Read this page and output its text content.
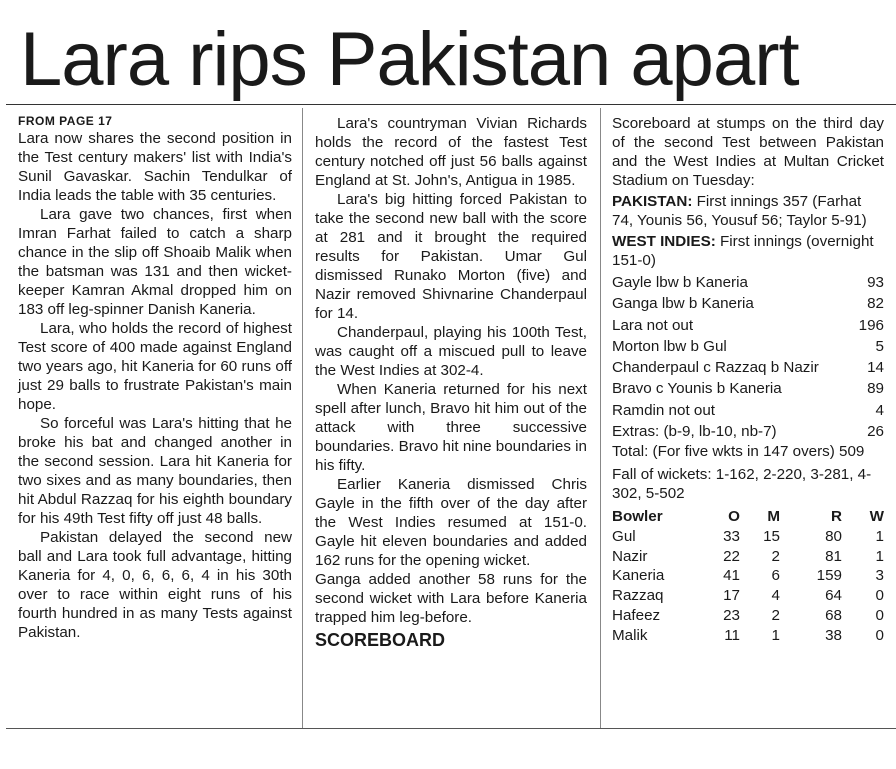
Lara rips Pakistan apart
FROM PAGE 17

Lara now shares the second position in the Test century makers' list with India's Sunil Gavaskar. Sachin Tendulkar of India leads the table with 35 centuries.

Lara gave two chances, first when Imran Farhat failed to catch a sharp chance in the slip off Shoaib Malik when the batsman was 131 and then wicket-keeper Kamran Akmal dropped him on 183 off leg-spinner Danish Kaneria.

Lara, who holds the record of highest Test score of 400 made against England two years ago, hit Kaneria for 60 runs off just 29 balls to frustrate Pakistan's main hope.

So forceful was Lara's hitting that he broke his bat and changed another in the second session. Lara hit Kaneria for two sixes and as many boundaries, then hit Abdul Razzaq for his eighth boundary for his 49th Test fifty off just 48 balls.

Pakistan delayed the second new ball and Lara took full advantage, hitting Kaneria for 4, 0, 6, 6, 6, 4 in his 30th over to race within eight runs of his fourth hundred in as many Tests against Pakistan.

Lara's countryman Vivian Richards holds the record of the fastest Test century notched off just 56 balls against England at St. John's, Antigua in 1985.

Lara's big hitting forced Pakistan to take the second new ball with the score at 281 and it brought the required results for Pakistan. Umar Gul dismissed Runako Morton (five) and Nazir removed Shivnarine Chanderpaul for 14.

Chanderpaul, playing his 100th Test, was caught off a miscued pull to leave the West Indies at 302-4.

When Kaneria returned for his next spell after lunch, Bravo hit him out of the attack with three successive boundaries. Bravo hit nine boundaries in his fifty.

Earlier Kaneria dismissed Chris Gayle in the fifth over of the day after the West Indies resumed at 151-0. Gayle hit eleven boundaries and added 162 runs for the opening wicket.

Ganga added another 58 runs for the second wicket with Lara before Kaneria trapped him leg-before.

SCOREBOARD

Scoreboard at stumps on the third day of the second Test between Pakistan and the West Indies at Multan Cricket Stadium on Tuesday:

PAKISTAN: First innings 357 (Farhat 74, Younis 56, Yousuf 56; Taylor 5-91)

WEST INDIES: First innings (overnight 151-0)

Gayle lbw b Kaneria	93
Ganga lbw b Kaneria	82
Lara not out	196
Morton lbw b Gul	5
Chanderpaul c Razzaq b Nazir	14
Bravo c Younis b Kaneria	89
Ramdin not out	4
Extras: (b-9, lb-10, nb-7)	26

Total: (For five wkts in 147 overs) 509

Fall of wickets: 1-162, 2-220, 3-281, 4-302, 5-502

Bowler	O	M	R	W
Gul	33	15	80	1
Nazir	22	2	81	1
Kaneria	41	6	159	3
Razzaq	17	4	64	0
Hafeez	23	2	68	0
Malik	11	1	38	0
